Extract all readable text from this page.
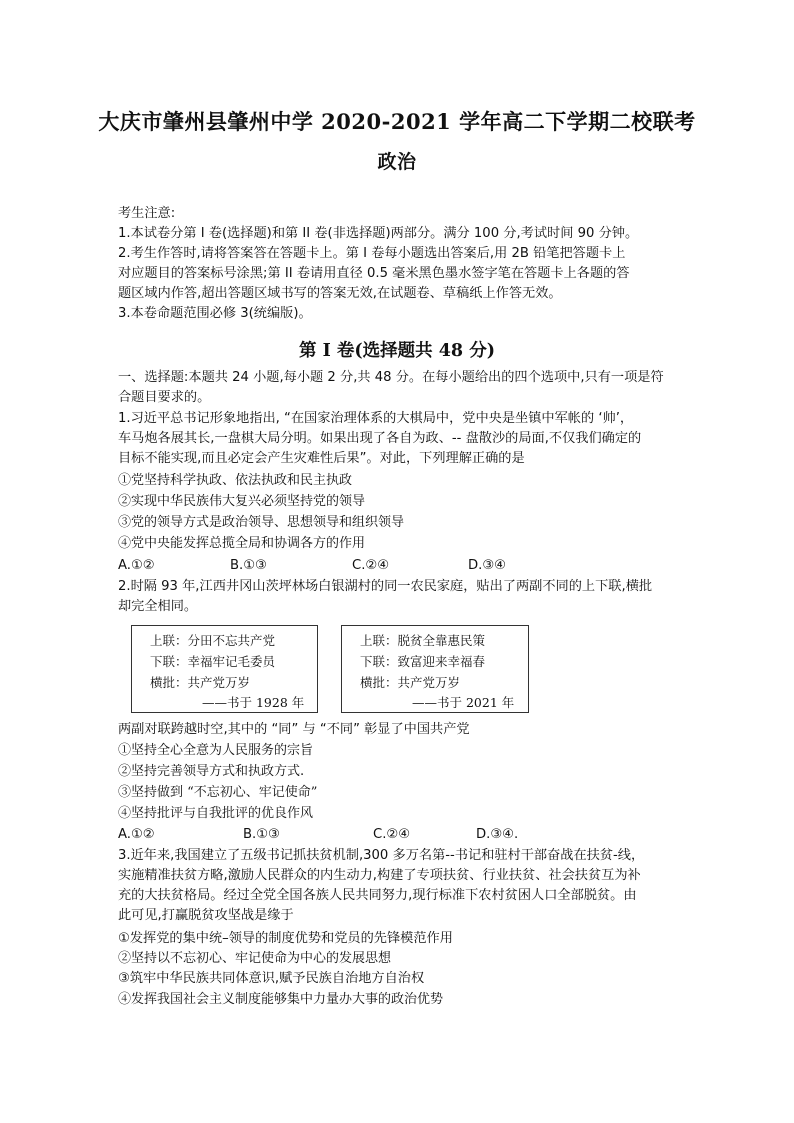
大庆市肇州县肇州中学 2020-2021 学年高二下学期二校联考
政治
考生注意:
1.本试卷分第 I 卷(选择题)和第 II 卷(非选择题)两部分。满分 100 分,考试时间 90 分钟。
2.考生作答时,请将答案答在答题卡上。第 I 卷每小题选出答案后,用 2B 铅笔把答题卡上
对应题目的答案标号涂黑;第 II 卷请用直径 0.5 毫米黑色墨水签字笔在答题卡上各题的答
题区域内作答,超出答题区域书写的答案无效,在试题卷、草稿纸上作答无效。
3.本卷命题范围必修 3(统编版)。
第 I 卷(选择题共 48 分)
一、选择题:本题共 24 小题,每小题 2 分,共 48 分。在每小题给出的四个选项中,只有一项是符
合题目要求的。
1.习近平总书记形象地指出, “在国家治理体系的大棋局中，党中央是坐镇中军帐的 ‘帅’，
车马炮各展其长,一盘棋大局分明。如果出现了各自为政、-- 盘散沙的局面,不仅我们确定的
目标不能实现,而且必定会产生灾难性后果”。对此，下列理解正确的是
①党坚持科学执政、依法执政和民主执政
②实现中华民族伟大复兴必须坚持党的领导
③党的领导方式是政治领导、思想领导和组织领导
④党中央能发挥总揽全局和协调各方的作用
A.①②	B.①③	C.②④	D.③④
2.时隔 93 年,江西井冈山茨坪林场白银湖村的同一农民家庭，贴出了两副不同的上下联,横批
却完全相同。
上联：分田不忘共产党
下联：幸福牢记毛委员
横批：共产党万岁
——书于 1928 年
上联：脱贫全靠惠民策
下联：致富迎来幸福春
横批：共产党万岁
——书于 2021 年
两副对联跨越时空,其中的 “同” 与 “不同” 彰显了中国共产党
①坚持全心全意为人民服务的宗旨
②坚持完善领导方式和执政方式.
③坚持做到 “不忘初心、牢记使命”
④坚持批评与自我批评的优良作风
A.①②	B.①③	C.②④	D.③④.
3.近年来,我国建立了五级书记抓扶贫机制,300 多万名第--书记和驻村干部奋战在扶贫-线，
实施精准扶贫方略,激励人民群众的内生动力,构建了专项扶贫、行业扶贫、社会扶贫互为补
充的大扶贫格局。经过全党全国各族人民共同努力,现行标准下农村贫困人口全部脱贫。由
此可见,打赢脱贫攻坚战是缘于
①发挥党的集中统–领导的制度优势和党员的先锋模范作用
②坚持以不忘初心、牢记使命为中心的发展思想
③筑牢中华民族共同体意识,赋予民族自治地方自治权
④发挥我国社会主义制度能够集中力量办大事的政治优势
